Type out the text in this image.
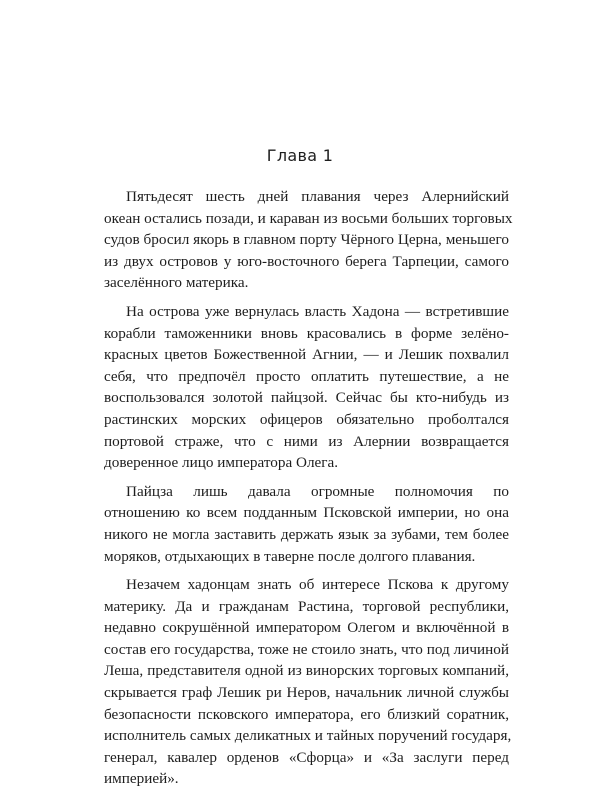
Глава 1

Пятьдесят шесть дней плавания через Алернийский
океан остались позади, и караван из восьми больших торговых
судов бросил якорь в главном порту Чёрного Церна, меньшего
из двух островов у юго-восточного берега Тарпеции, самого
заселённого материка.

На острова уже вернулась власть Хадона — встретившие
корабли таможенники вновь красовались в форме зелёно-
красных цветов Божественной Агнии, — и Лешик похвалил
себя, что предпочёл просто оплатить путешествие, а не
воспользовался золотой пайцзой. Сейчас бы кто-нибудь из
растинских морских офицеров обязательно проболтался
портовой страже, что с ними из Алернии возвращается
доверенное лицо императора Олега.

Пайцза лишь давала огромные полномочия по
отношению ко всем подданным Псковской империи, но она
никого не могла заставить держать язык за зубами, тем более
моряков, отдыхающих в таверне после долгого плавания.

Незачем хадонцам знать об интересе Пскова к другому
материку. Да и гражданам Растина, торговой республики,
недавно сокрушённой императором Олегом и включённой в
состав его государства, тоже не стоило знать, что под личиной
Леша, представителя одной из винорских торговых компаний,
скрывается граф Лешик ри Неров, начальник личной службы
безопасности псковского императора, его близкий соратник,
исполнитель самых деликатных и тайных поручений государя,
генерал, кавалер орденов «Сфорца» и «За заслуги перед
империей».
